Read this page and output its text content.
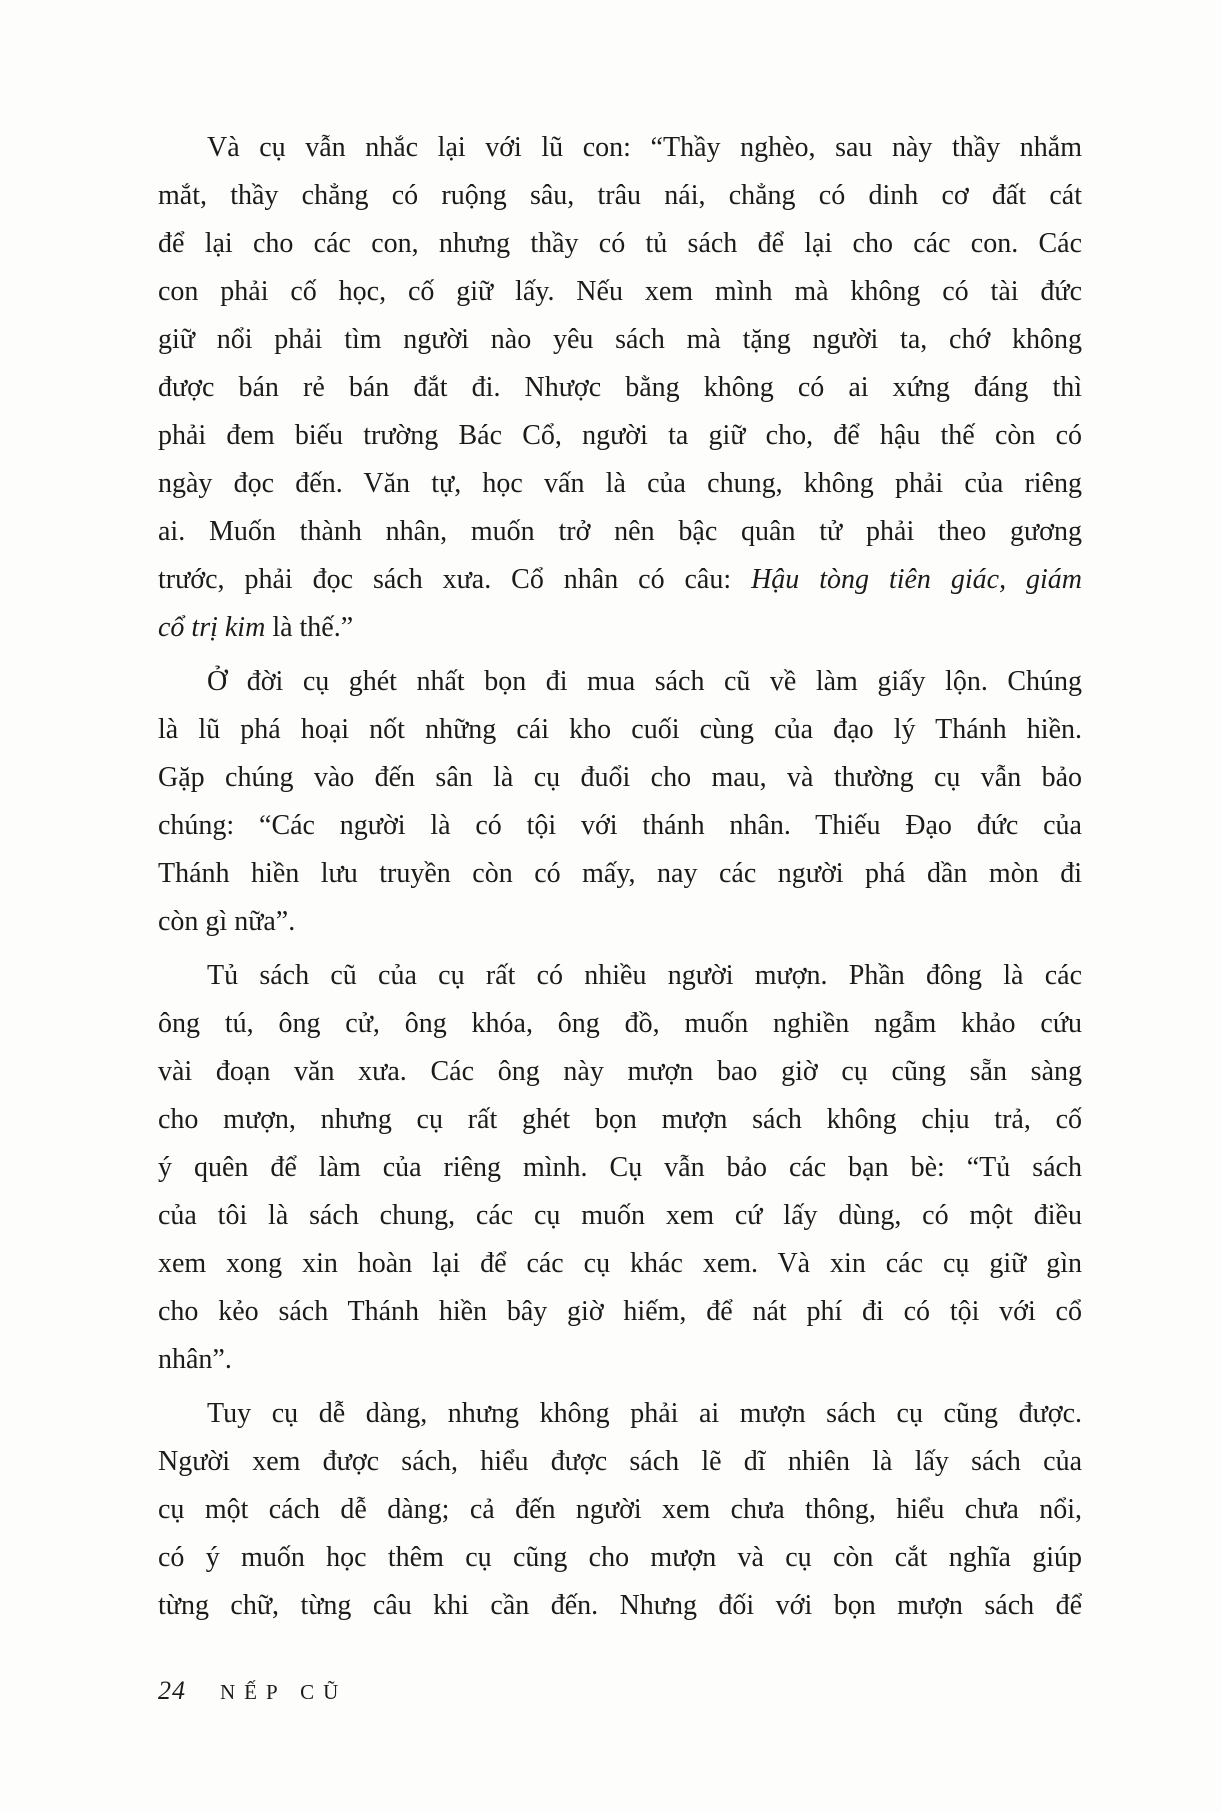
Và cụ vẫn nhắc lại với lũ con: “Thầy nghèo, sau này thầy nhắm
mắt, thầy chẳng có ruộng sâu, trâu nái, chẳng có dinh cơ đất cát
để lại cho các con, nhưng thầy có tủ sách để lại cho các con. Các
con phải cố học, cố giữ lấy. Nếu xem mình mà không có tài đức
giữ nổi phải tìm người nào yêu sách mà tặng người ta, chớ không
được bán rẻ bán đắt đi. Nhược bằng không có ai xứng đáng thì
phải đem biếu trường Bác Cổ, người ta giữ cho, để hậu thế còn có
ngày đọc đến. Văn tự, học vấn là của chung, không phải của riêng
ai. Muốn thành nhân, muốn trở nên bậc quân tử phải theo gương
trước, phải đọc sách xưa. Cổ nhân có câu: Hậu tòng tiên giác, giám
cổ trị kim là thế.”
Ở đời cụ ghét nhất bọn đi mua sách cũ về làm giấy lộn. Chúng
là lũ phá hoại nốt những cái kho cuối cùng của đạo lý Thánh hiền.
Gặp chúng vào đến sân là cụ đuổi cho mau, và thường cụ vẫn bảo
chúng: “Các người là có tội với thánh nhân. Thiếu Đạo đức của
Thánh hiền lưu truyền còn có mấy, nay các người phá dần mòn đi
còn gì nữa”.
Tủ sách cũ của cụ rất có nhiều người mượn. Phần đông là các
ông tú, ông cử, ông khóa, ông đồ, muốn nghiền ngẫm khảo cứu
vài đoạn văn xưa. Các ông này mượn bao giờ cụ cũng sẵn sàng
cho mượn, nhưng cụ rất ghét bọn mượn sách không chịu trả, cố
ý quên để làm của riêng mình. Cụ vẫn bảo các bạn bè: “Tủ sách
của tôi là sách chung, các cụ muốn xem cứ lấy dùng, có một điều
xem xong xin hoàn lại để các cụ khác xem. Và xin các cụ giữ gìn
cho kẻo sách Thánh hiền bây giờ hiếm, để nát phí đi có tội với cổ
nhân”.
Tuy cụ dễ dàng, nhưng không phải ai mượn sách cụ cũng được.
Người xem được sách, hiểu được sách lẽ dĩ nhiên là lấy sách của
cụ một cách dễ dàng; cả đến người xem chưa thông, hiểu chưa nổi,
có ý muốn học thêm cụ cũng cho mượn và cụ còn cắt nghĩa giúp
từng chữ, từng câu khi cần đến. Nhưng đối với bọn mượn sách để
24 NẾP CŨ
